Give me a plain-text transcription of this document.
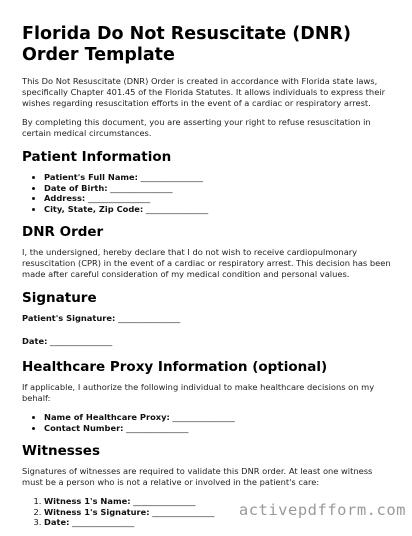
Florida Do Not Resuscitate (DNR) Order Template

This Do Not Resuscitate (DNR) Order is created in accordance with Florida state laws, specifically Chapter 401.45 of the Florida Statutes. It allows individuals to express their wishes regarding resuscitation efforts in the event of a cardiac or respiratory arrest.

By completing this document, you are asserting your right to refuse resuscitation in certain medical circumstances.

Patient Information
• Patient's Full Name: _______________
• Date of Birth: _______________
• Address: _______________
• City, State, Zip Code: _______________
DNR Order

I, the undersigned, hereby declare that I do not wish to receive cardiopulmonary resuscitation (CPR) in the event of a cardiac or respiratory arrest. This decision has been made after careful consideration of my medical condition and personal values.

Signature
Patient's Signature: _______________
Date: _______________
Healthcare Proxy Information (optional)

If applicable, I authorize the following individual to make healthcare decisions on my behalf:

• Name of Healthcare Proxy: _______________
• Contact Number: _______________
Witnesses

Signatures of witnesses are required to validate this DNR order. At least one witness must be a person who is not a relative or involved in the patient's care:

1. Witness 1's Name: _______________
2. Witness 1's Signature: _______________
3. Date: _______________
activepdfform.com
